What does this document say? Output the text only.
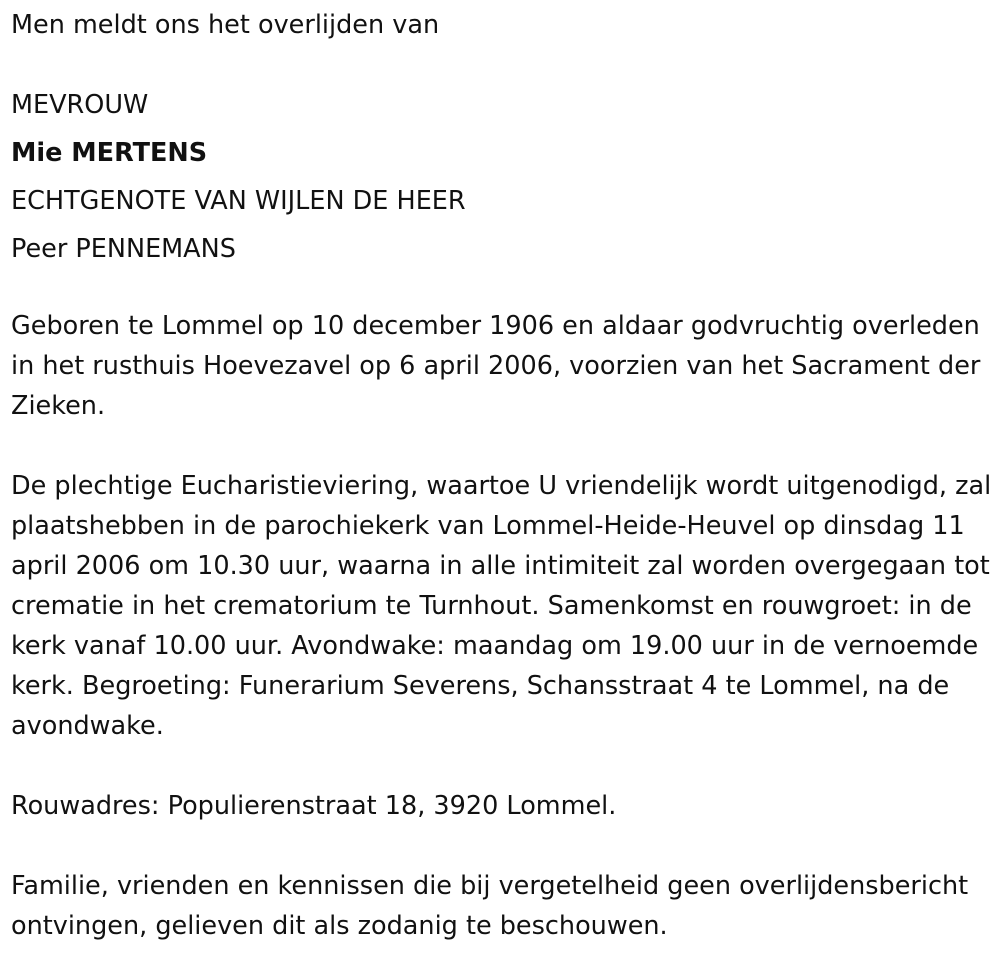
Men meldt ons het overlijden van

MEVROUW

Mie MERTENS

ECHTGENOTE VAN WIJLEN DE HEER

Peer PENNEMANS

Geboren te Lommel op 10 december 1906 en aldaar godvruchtig overleden in het rusthuis Hoevezavel op 6 april 2006, voorzien van het Sacrament der Zieken.

De plechtige Eucharistieviering, waartoe U vriendelijk wordt uitgenodigd, zal plaatshebben in de parochiekerk van Lommel-Heide-Heuvel op dinsdag 11 april 2006 om 10.30 uur, waarna in alle intimiteit zal worden overgegaan tot crematie in het crematorium te Turnhout. Samenkomst en rouwgroet: in de kerk vanaf 10.00 uur. Avondwake: maandag om 19.00 uur in de vernoemde kerk. Begroeting: Funerarium Severens, Schansstraat 4 te Lommel, na de avondwake.

Rouwadres: Populierenstraat 18, 3920 Lommel.

Familie, vrienden en kennissen die bij vergetelheid geen overlijdensbericht ontvingen, gelieven dit als zodanig te beschouwen.
